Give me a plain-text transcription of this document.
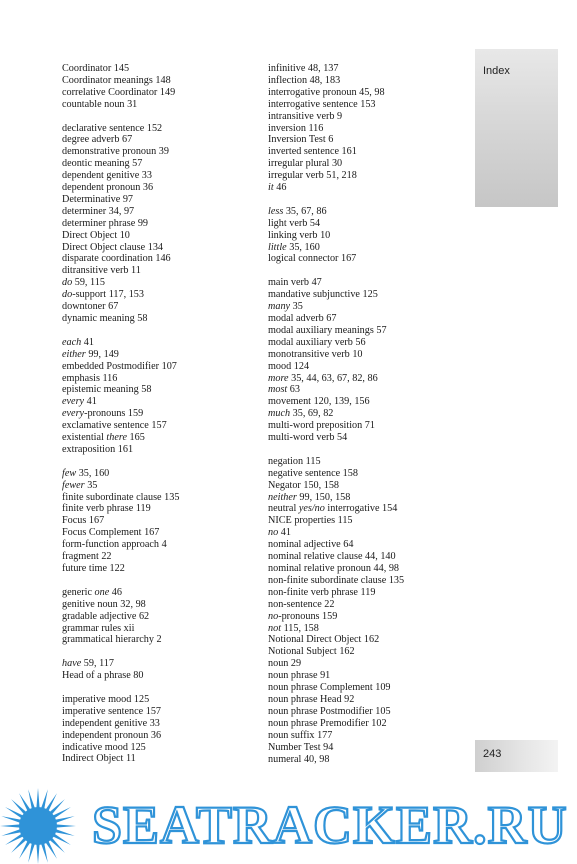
Coordinator 145
Coordinator meanings 148
correlative Coordinator 149
countable noun 31
declarative sentence 152
degree adverb 67
demonstrative pronoun 39
deontic meaning 57
dependent genitive 33
dependent pronoun 36
Determinative 97
determiner 34, 97
determiner phrase 99
Direct Object 10
Direct Object clause 134
disparate coordination 146
ditransitive verb 11
do 59, 115
do-support 117, 153
downtoner 67
dynamic meaning 58
each 41
either 99, 149
embedded Postmodifier 107
emphasis 116
epistemic meaning 58
every 41
every-pronouns 159
exclamative sentence 157
existential there 165
extraposition 161
few 35, 160
fewer 35
finite subordinate clause 135
finite verb phrase 119
Focus 167
Focus Complement 167
form-function approach 4
fragment 22
future time 122
generic one 46
genitive noun 32, 98
gradable adjective 62
grammar rules xii
grammatical hierarchy 2
have 59, 117
Head of a phrase 80
imperative mood 125
imperative sentence 157
independent genitive 33
independent pronoun 36
indicative mood 125
Indirect Object 11
infinitive 48, 137
inflection 48, 183
interrogative pronoun 45, 98
interrogative sentence 153
intransitive verb 9
inversion 116
Inversion Test 6
inverted sentence 161
irregular plural 30
irregular verb 51, 218
it 46
less 35, 67, 86
light verb 54
linking verb 10
little 35, 160
logical connector 167
main verb 47
mandative subjunctive 125
many 35
modal adverb 67
modal auxiliary meanings 57
modal auxiliary verb 56
monotransitive verb 10
mood 124
more 35, 44, 63, 67, 82, 86
most 63
movement 120, 139, 156
much 35, 69, 82
multi-word preposition 71
multi-word verb 54
negation 115
negative sentence 158
Negator 150, 158
neither 99, 150, 158
neutral yes/no interrogative 154
NICE properties 115
no 41
nominal adjective 64
nominal relative clause 44, 140
nominal relative pronoun 44, 98
non-finite subordinate clause 135
non-finite verb phrase 119
non-sentence 22
no-pronouns 159
not 115, 158
Notional Direct Object 162
Notional Subject 162
noun 29
noun phrase 91
noun phrase Complement 109
noun phrase Head 92
noun phrase Postmodifier 105
noun phrase Premodifier 102
noun suffix 177
Number Test 94
numeral 40, 98
Index
243
SEATRACKER.RU
